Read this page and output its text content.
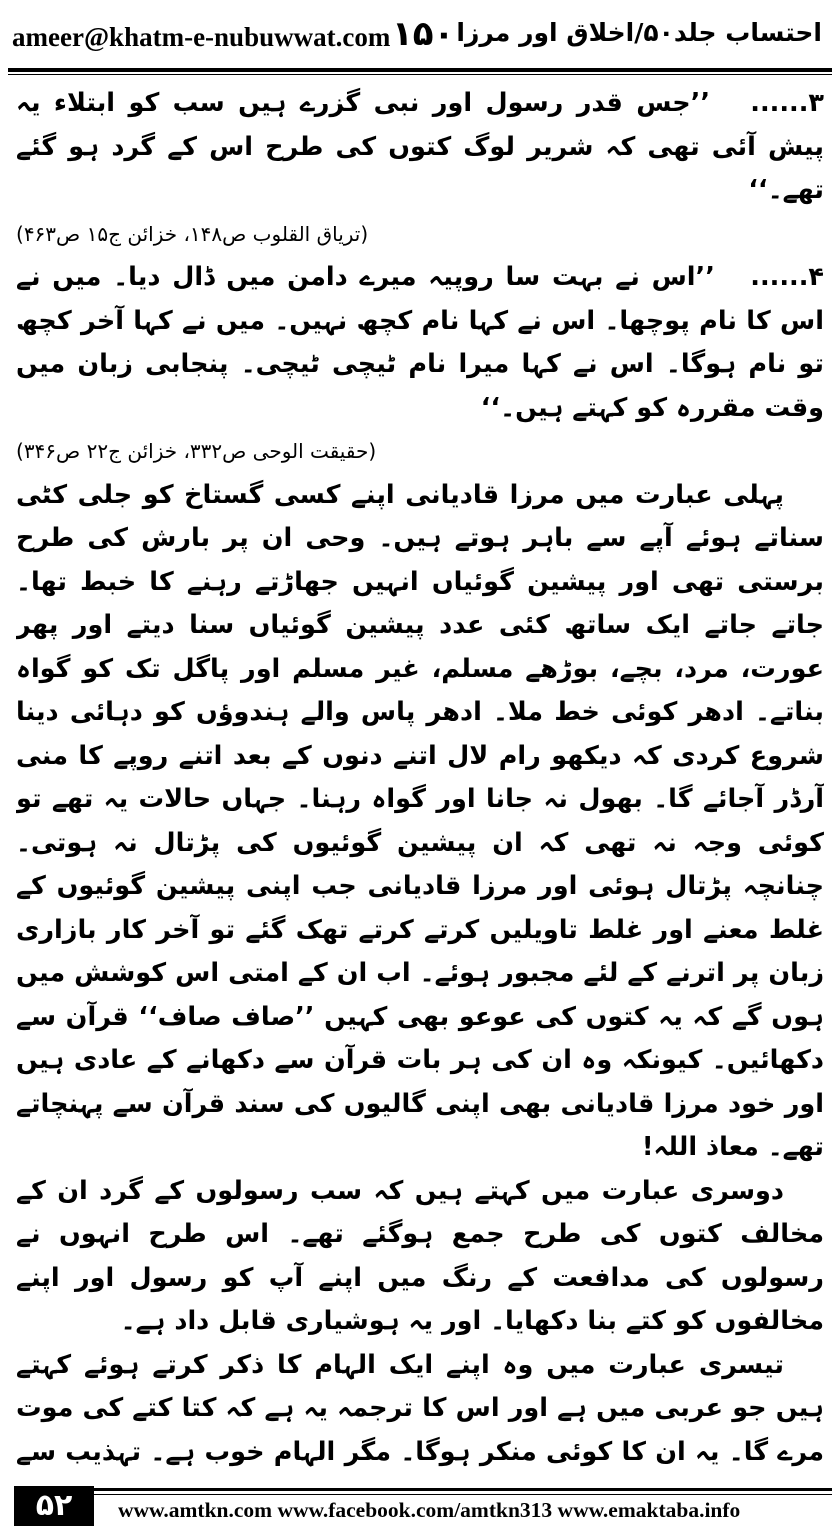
ameer@khatm-e-nubuwwat.com ۱۵۰ احتساب جلد۵۰/اخلاق اور مرزا

۳......   ’’جس قدر رسول اور نبی گزرے ہیں سب کو ابتلاء یہ پیش آئی تھی کہ شریر لوگ کتوں کی طرح اس کے گرد ہو گئے تھے۔‘‘

(تریاق القلوب ص۱۴۸، خزائن ج۱۵ ص۴۶۳)

۴......   ’’اس نے بہت سا روپیہ میرے دامن میں ڈال دیا۔ میں نے اس کا نام پوچھا۔ اس نے کہا نام کچھ نہیں۔ میں نے کہا آخر کچھ تو نام ہوگا۔ اس نے کہا میرا نام ٹیچی ٹیچی۔ پنجابی زبان میں وقت مقررہ کو کہتے ہیں۔‘‘

(حقیقت الوحی ص۳۳۲، خزائن ج۲۲ ص۳۴۶)

پہلی عبارت میں مرزا قادیانی اپنے کسی گستاخ کو جلی کٹی سناتے ہوئے آپے سے باہر ہوتے ہیں۔ وحی ان پر بارش کی طرح برستی تھی اور پیشین گوئیاں انہیں جھاڑتے رہنے کا خبط تھا۔ جاتے جاتے ایک ساتھ کئی عدد پیشین گوئیاں سنا دیتے اور پھر عورت، مرد، بچے، بوڑھے مسلم، غیر مسلم اور پاگل تک کو گواہ بناتے۔ ادھر کوئی خط ملا۔ ادھر پاس والے ہندوؤں کو دہائی دینا شروع کردی کہ دیکھو رام لال اتنے دنوں کے بعد اتنے روپے کا منی آرڈر آجائے گا۔ بھول نہ جانا اور گواہ رہنا۔ جہاں حالات یہ تھے تو کوئی وجہ نہ تھی کہ ان پیشین گوئیوں کی پڑتال نہ ہوتی۔ چنانچہ پڑتال ہوئی اور مرزا قادیانی جب اپنی پیشین گوئیوں کے غلط معنے اور غلط تاویلیں کرتے کرتے تھک گئے تو آخر کار بازاری زبان پر اترنے کے لئے مجبور ہوئے۔ اب ان کے امتی اس کوشش میں ہوں گے کہ یہ کتوں کی عوعو بھی کہیں ’’صاف صاف‘‘ قرآن سے دکھائیں۔ کیونکہ وہ ان کی ہر بات قرآن سے دکھانے کے عادی ہیں اور خود مرزا قادیانی بھی اپنی گالیوں کی سند قرآن سے پہنچاتے تھے۔ معاذ اللہ!

دوسری عبارت میں کہتے ہیں کہ سب رسولوں کے گرد ان کے مخالف کتوں کی طرح جمع ہوگئے تھے۔ اس طرح انہوں نے رسولوں کی مدافعت کے رنگ میں اپنے آپ کو رسول اور اپنے مخالفوں کو کتے بنا دکھایا۔ اور یہ ہوشیاری قابل داد ہے۔

تیسری عبارت میں وہ اپنے ایک الہام کا ذکر کرتے ہوئے کہتے ہیں جو عربی میں ہے اور اس کا ترجمہ یہ ہے کہ کتا کتے کی موت مرے گا۔ یہ ان کا کوئی منکر ہوگا۔ مگر الہام خوب ہے۔ تہذیب سے

۵۲	www.amtkn.com www.facebook.com/amtkn313 www.emaktaba.info
